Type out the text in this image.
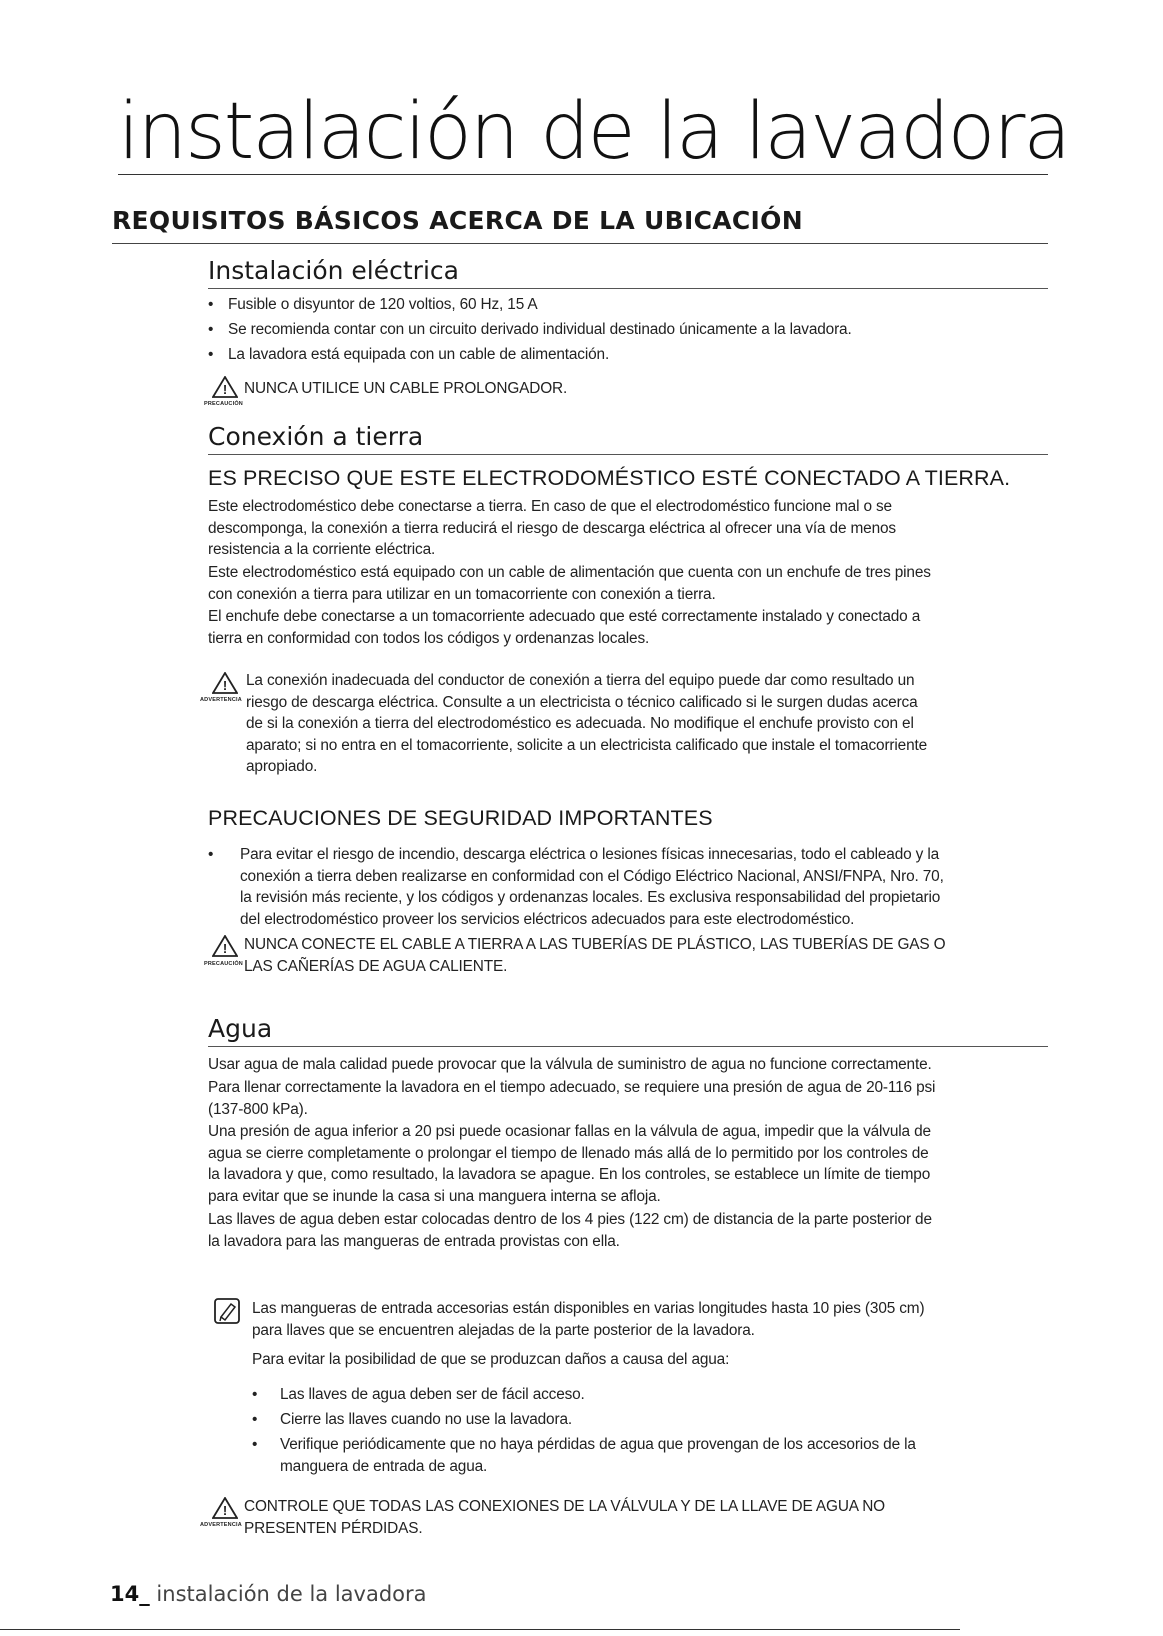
instalación de la lavadora
REQUISITOS BÁSICOS ACERCA DE LA UBICACIÓN
Instalación eléctrica
• Fusible o disyuntor de 120 voltios, 60 Hz, 15 A
• Se recomienda contar con un circuito derivado individual destinado únicamente a la lavadora.
• La lavadora está equipada con un cable de alimentación.
!
PRECAUCIÓN
NUNCA UTILICE UN CABLE PROLONGADOR.
Conexión a tierra
ES PRECISO QUE ESTE ELECTRODOMÉSTICO ESTÉ CONECTADO A TIERRA.
Este electrodoméstico debe conectarse a tierra. En caso de que el electrodoméstico funcione mal o se
descomponga, la conexión a tierra reducirá el riesgo de descarga eléctrica al ofrecer una vía de menos
resistencia a la corriente eléctrica.
Este electrodoméstico está equipado con un cable de alimentación que cuenta con un enchufe de tres pines
con conexión a tierra para utilizar en un tomacorriente con conexión a tierra.
El enchufe debe conectarse a un tomacorriente adecuado que esté correctamente instalado y conectado a
tierra en conformidad con todos los códigos y ordenanzas locales.
!
ADVERTENCIA
La conexión inadecuada del conductor de conexión a tierra del equipo puede dar como resultado un
riesgo de descarga eléctrica. Consulte a un electricista o técnico calificado si le surgen dudas acerca
de si la conexión a tierra del electrodoméstico es adecuada. No modifique el enchufe provisto con el
aparato; si no entra en el tomacorriente, solicite a un electricista calificado que instale el tomacorriente
apropiado.
PRECAUCIONES DE SEGURIDAD IMPORTANTES
• Para evitar el riesgo de incendio, descarga eléctrica o lesiones físicas innecesarias, todo el cableado y la
conexión a tierra deben realizarse en conformidad con el Código Eléctrico Nacional, ANSI/FNPA, Nro. 70,
la revisión más reciente, y los códigos y ordenanzas locales. Es exclusiva responsabilidad del propietario
del electrodoméstico proveer los servicios eléctricos adecuados para este electrodoméstico.
!
PRECAUCIÓN
NUNCA CONECTE EL CABLE A TIERRA A LAS TUBERÍAS DE PLÁSTICO, LAS TUBERÍAS DE GAS O
LAS CAÑERÍAS DE AGUA CALIENTE.
Agua
Usar agua de mala calidad puede provocar que la válvula de suministro de agua no funcione correctamente.
Para llenar correctamente la lavadora en el tiempo adecuado, se requiere una presión de agua de 20-116 psi
(137-800 kPa).
Una presión de agua inferior a 20 psi puede ocasionar fallas en la válvula de agua, impedir que la válvula de
agua se cierre completamente o prolongar el tiempo de llenado más allá de lo permitido por los controles de
la lavadora y que, como resultado, la lavadora se apague. En los controles, se establece un límite de tiempo
para evitar que se inunde la casa si una manguera interna se afloja.
Las llaves de agua deben estar colocadas dentro de los 4 pies (122 cm) de distancia de la parte posterior de
la lavadora para las mangueras de entrada provistas con ella.
Las mangueras de entrada accesorias están disponibles en varias longitudes hasta 10 pies (305 cm)
para llaves que se encuentren alejadas de la parte posterior de la lavadora.
Para evitar la posibilidad de que se produzcan daños a causa del agua:
• Las llaves de agua deben ser de fácil acceso.
• Cierre las llaves cuando no use la lavadora.
• Verifique periódicamente que no haya pérdidas de agua que provengan de los accesorios de la
manguera de entrada de agua.
!
ADVERTENCIA
CONTROLE QUE TODAS LAS CONEXIONES DE LA VÁLVULA Y DE LA LLAVE DE AGUA NO
PRESENTEN PÉRDIDAS.
14_ instalación de la lavadora
